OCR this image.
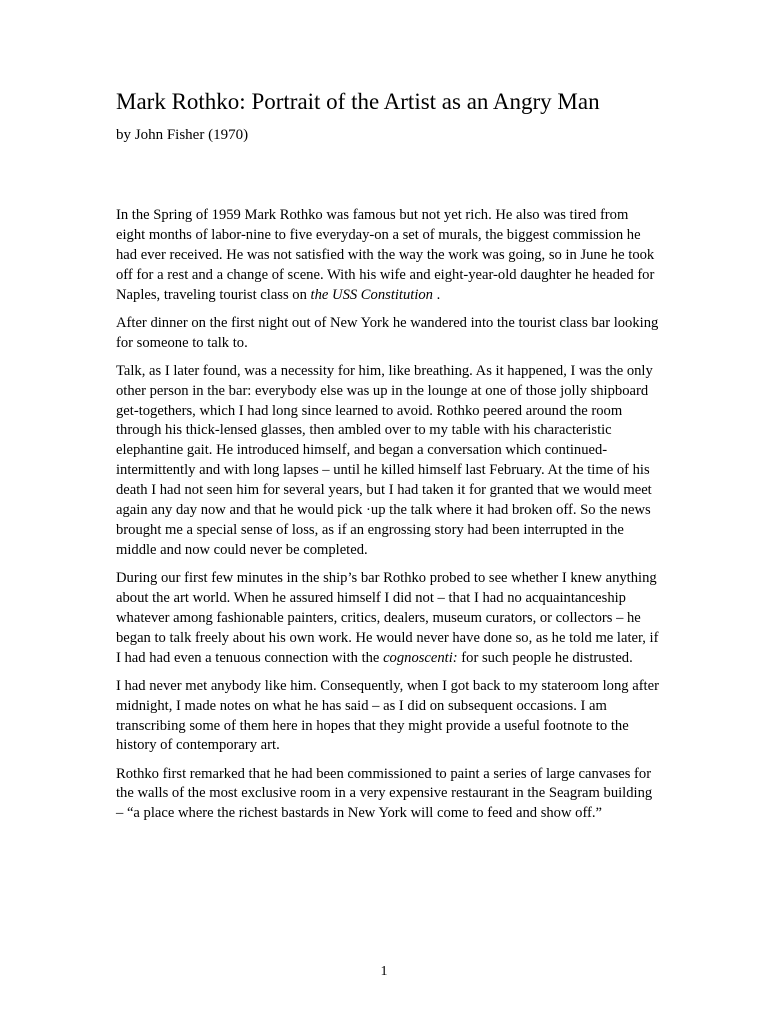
Mark Rothko: Portrait of the Artist as an Angry Man

by John Fisher (1970)

In the Spring of 1959 Mark Rothko was famous but not yet rich. He also was tired from eight months of labor-nine to five everyday-on a set of murals, the biggest commission he had ever received. He was not satisfied with the way the work was going, so in June he took off for a rest and a change of scene. With his wife and eight-year-old daughter he headed for Naples, traveling tourist class on the USS Constitution .

After dinner on the first night out of New York he wandered into the tourist class bar looking for someone to talk to.

Talk, as I later found, was a necessity for him, like breathing. As it happened, I was the only other person in the bar: everybody else was up in the lounge at one of those jolly shipboard get-togethers, which I had long since learned to avoid. Rothko peered around the room through his thick-lensed glasses, then ambled over to my table with his characteristic elephantine gait. He introduced himself, and began a conversation which continued-intermittently and with long lapses – until he killed himself last February. At the time of his death I had not seen him for several years, but I had taken it for granted that we would meet again any day now and that he would pick ·up the talk where it had broken off. So the news brought me a special sense of loss, as if an engrossing story had been interrupted in the middle and now could never be completed.

During our first few minutes in the ship’s bar Rothko probed to see whether I knew anything about the art world. When he assured himself I did not – that I had no acquaintanceship whatever among fashionable painters, critics, dealers, museum curators, or collectors – he began to talk freely about his own work. He would never have done so, as he told me later, if I had had even a tenuous connection with the cognoscenti: for such people he distrusted.

I had never met anybody like him. Consequently, when I got back to my stateroom long after midnight, I made notes on what he has said – as I did on subsequent occasions. I am transcribing some of them here in hopes that they might provide a useful footnote to the history of contemporary art.

Rothko first remarked that he had been commissioned to paint a series of large canvases for the walls of the most exclusive room in a very expensive restaurant in the Seagram building – “a place where the richest bastards in New York will come to feed and show off.”

1
